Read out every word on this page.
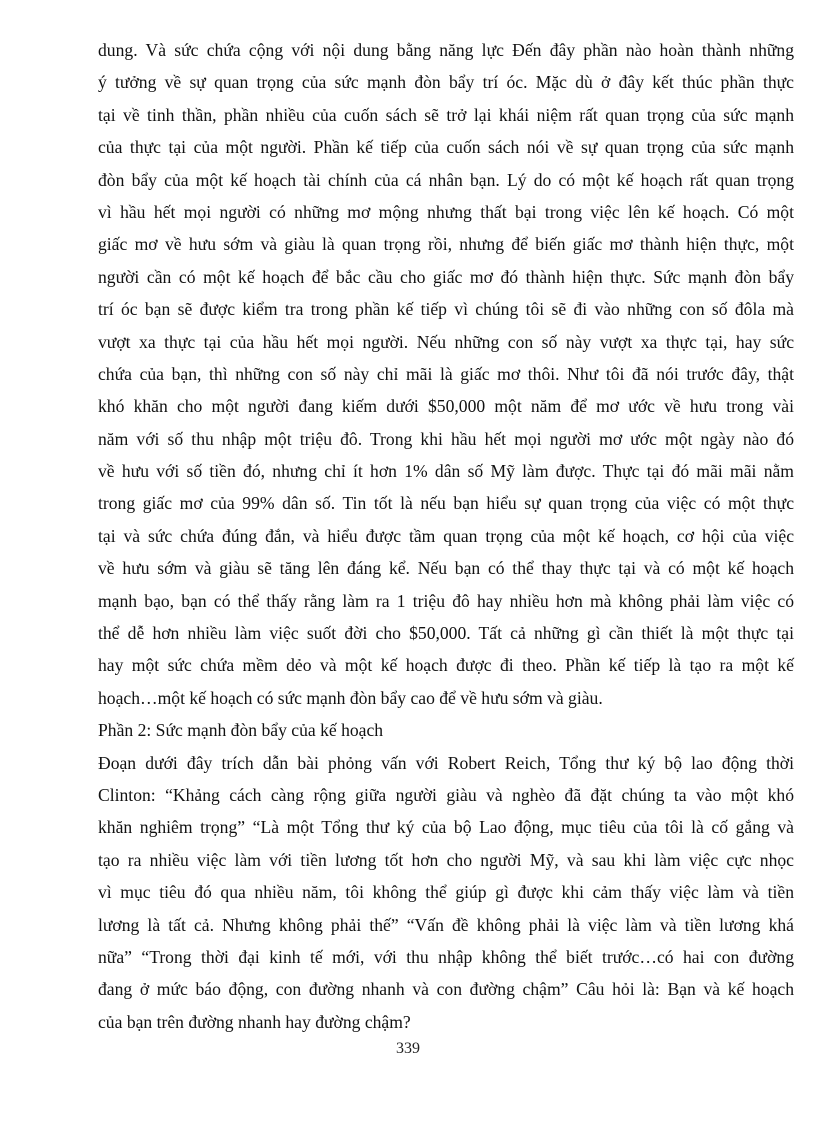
dung. Và sức chứa cộng với nội dung bằng năng lực Đến đây phần nào hoàn thành những
ý tưởng về sự quan trọng của sức mạnh đòn bẩy trí óc. Mặc dù ở đây kết thúc phần thực
tại về tinh thần, phần nhiều của cuốn sách sẽ trở lại khái niệm rất quan trọng của sức mạnh
của thực tại của một người. Phần kế tiếp của cuốn sách nói về sự quan trọng của sức mạnh
đòn bẩy của một kế hoạch tài chính của cá nhân bạn. Lý do có một kế hoạch rất quan trọng
vì hầu hết mọi người có những mơ mộng nhưng thất bại trong việc lên kế hoạch. Có một
giấc mơ về hưu sớm và giàu là quan trọng rồi, nhưng để biến giấc mơ thành hiện thực, một
người cần có một kế hoạch để bắc cầu cho giấc mơ đó thành hiện thực. Sức mạnh đòn bẩy
trí óc bạn sẽ được kiểm tra trong phần kế tiếp vì chúng tôi sẽ đi vào những con số đôla mà
vượt xa thực tại của hầu hết mọi người. Nếu những con số này vượt xa thực tại, hay sức
chứa của bạn, thì những con số này chỉ mãi là giấc mơ thôi. Như tôi đã nói trước đây, thật
khó khăn cho một người đang kiếm dưới $50,000 một năm để mơ ước về hưu trong vài
năm với số thu nhập một triệu đô. Trong khi hầu hết mọi người mơ ước một ngày nào đó
về hưu với số tiền đó, nhưng chỉ ít hơn 1% dân số Mỹ làm được. Thực tại đó mãi mãi nằm
trong giấc mơ của 99% dân số. Tin tốt là nếu bạn hiểu sự quan trọng của việc có một thực
tại và sức chứa đúng đắn, và hiểu được tầm quan trọng của một kế hoạch, cơ hội của việc
về hưu sớm và giàu sẽ tăng lên đáng kể. Nếu bạn có thể thay thực tại và có một kế hoạch
mạnh bạo, bạn có thể thấy rằng làm ra 1 triệu đô hay nhiều hơn mà không phải làm việc có
thể dễ hơn nhiều làm việc suốt đời cho $50,000. Tất cả những gì cần thiết là một thực tại
hay một sức chứa mềm dẻo và một kế hoạch được đi theo. Phần kế tiếp là tạo ra một kế
hoạch…một kế hoạch có sức mạnh đòn bẩy cao để về hưu sớm và giàu.
Phần 2: Sức mạnh đòn bẩy của kế hoạch
Đoạn dưới đây trích dẫn bài phỏng vấn với Robert Reich, Tổng thư ký bộ lao động thời
Clinton: “Khảng cách càng rộng giữa người giàu và nghèo đã đặt chúng ta vào một khó
khăn nghiêm trọng” “Là một Tổng thư ký của bộ Lao động, mục tiêu của tôi là cố gắng và
tạo ra nhiều việc làm với tiền lương tốt hơn cho người Mỹ, và sau khi làm việc cực nhọc
vì mục tiêu đó qua nhiều năm, tôi không thể giúp gì được khi cảm thấy việc làm và tiền
lương là tất cả. Nhưng không phải thế” “Vấn đề không phải là việc làm và tiền lương khá
nữa” “Trong thời đại kinh tế mới, với thu nhập không thể biết trước…có hai con đường
đang ở mức báo động, con đường nhanh và con đường chậm” Câu hỏi là: Bạn và kế hoạch
của bạn trên đường nhanh hay đường chậm?
339
